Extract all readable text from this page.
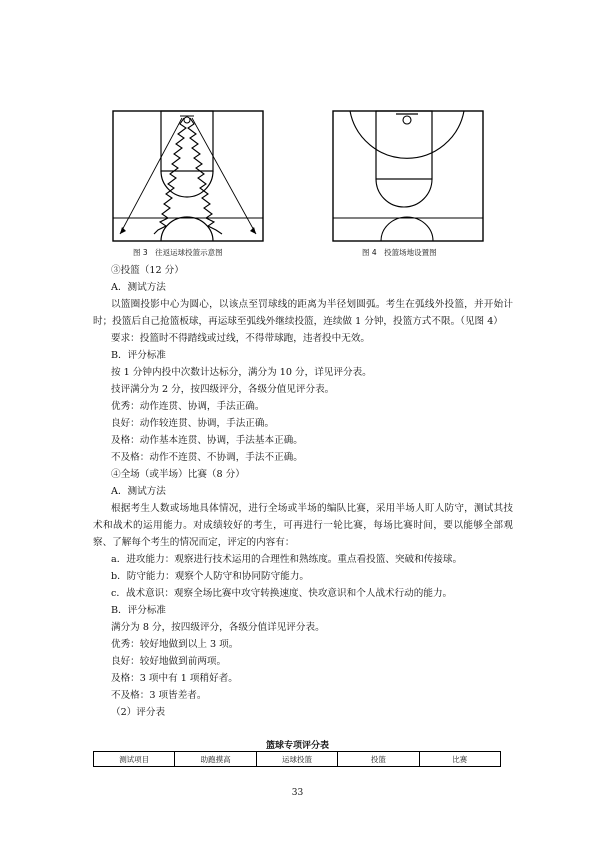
图 3　往返运球投篮示意图	图 4　投篮场地设置图
③投篮（12 分）
A．测试方法
以篮圈投影中心为圆心，以该点至罚球线的距离为半径划圆弧。考生在弧线外投篮，并开始计时；投篮后自己抢篮板球，再运球至弧线外继续投篮，连续做 1 分钟，投篮方式不限。（见图 4）
要求：投篮时不得踏线或过线，不得带球跑，违者投中无效。
B．评分标准
按 1 分钟内投中次数计达标分，满分为 10 分，详见评分表。
技评满分为 2 分，按四级评分，各级分值见评分表。
优秀：动作连贯、协调，手法正确。
良好：动作较连贯、协调，手法正确。
及格：动作基本连贯、协调，手法基本正确。
不及格：动作不连贯、不协调，手法不正确。
④全场（或半场）比赛（8 分）
A．测试方法
根据考生人数或场地具体情况，进行全场或半场的编队比赛，采用半场人盯人防守，测试其技术和战术的运用能力。对成绩较好的考生，可再进行一轮比赛，每场比赛时间，要以能够全部观察、了解每个考生的情况而定，评定的内容有：
a．进攻能力：观察进行技术运用的合理性和熟练度。重点看投篮、突破和传接球。
b．防守能力：观察个人防守和协同防守能力。
c．战术意识：观察全场比赛中攻守转换速度、快攻意识和个人战术行动的能力。
B．评分标准
满分为 8 分，按四级评分，各级分值详见评分表。
优秀：较好地做到以上 3 项。
良好：较好地做到前两项。
及格：3 项中有 1 项稍好者。
不及格：3 项皆差者。
（2）评分表
篮球专项评分表
测试项目	助跑摸高	运球投篮	投篮	比赛
33
